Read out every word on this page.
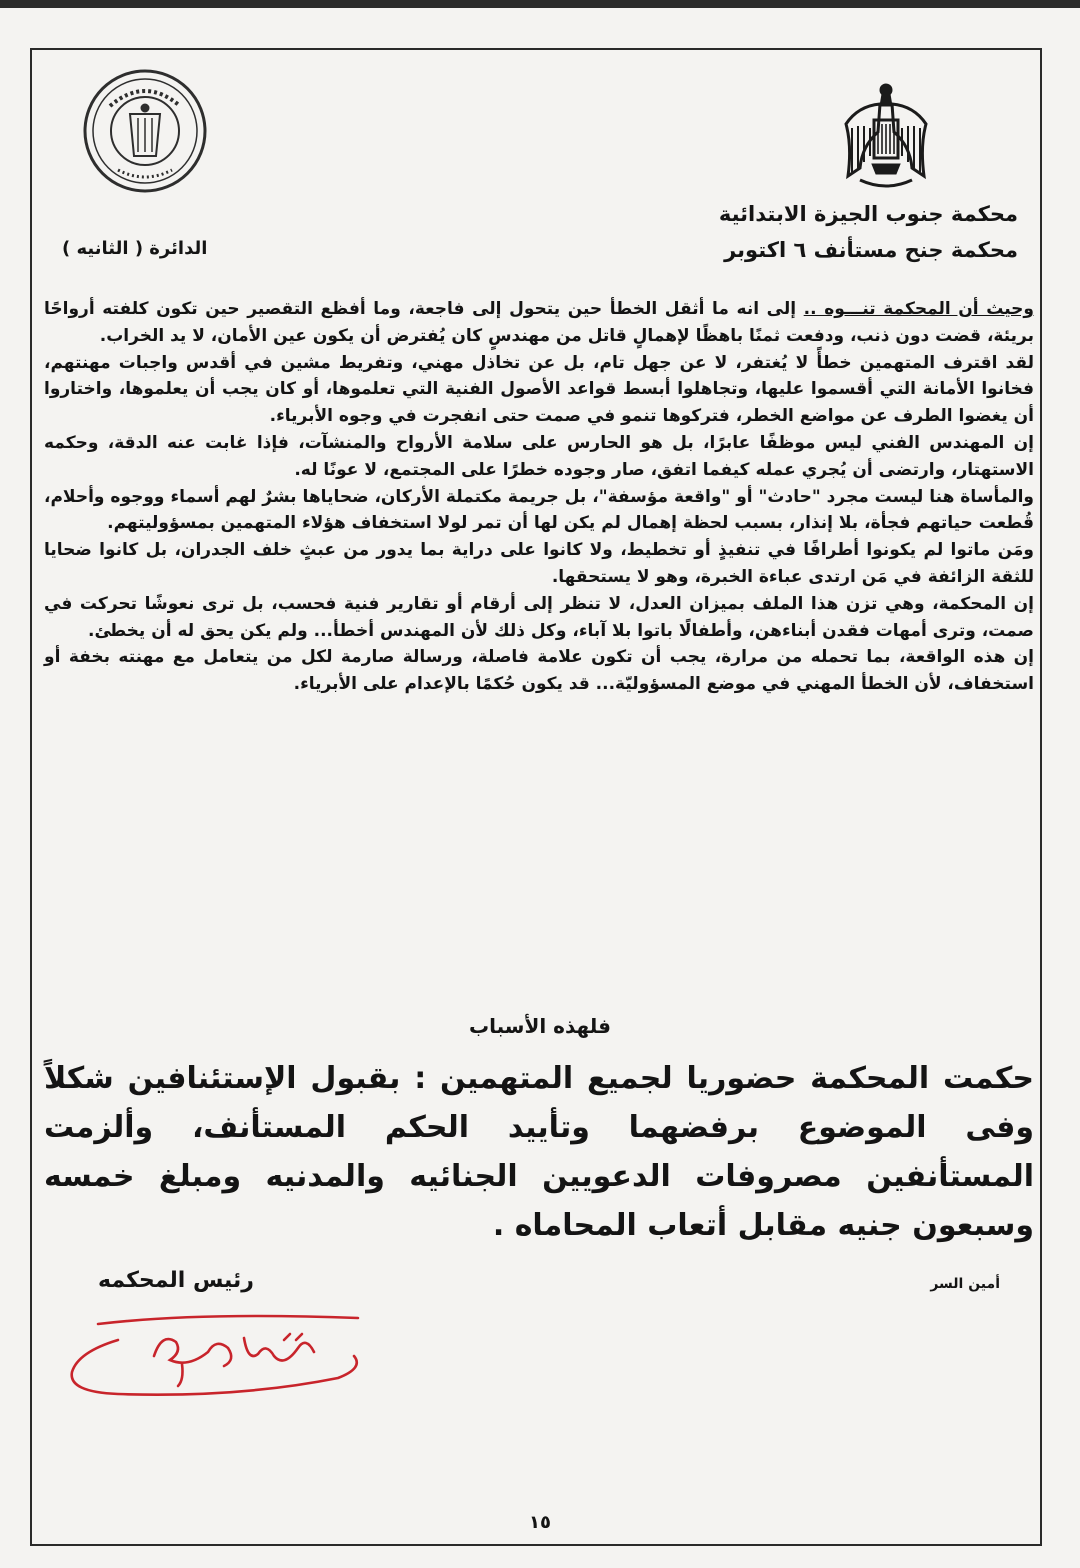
محكمة جنوب الجيزة الابتدائية
محكمة جنح مستأنف ٦ اكتوبر
الدائرة ( الثانيه )

وحيث أن المحكمة تنـــوه .. إلى انه ما أثقل الخطأ حين يتحول إلى فاجعة، وما أفظع التقصير حين تكون كلفته أرواحًا بريئة، قضت دون ذنب، ودفعت ثمنًا باهظًا لإهمالٍ قاتل من مهندسٍ كان يُفترض أن يكون عين الأمان، لا يد الخراب.

لقد اقترف المتهمين خطأً لا يُغتفر، لا عن جهل تام، بل عن تخاذل مهني، وتفريط مشين في أقدس واجبات مهنتهم، فخانوا الأمانة التي أقسموا عليها، وتجاهلوا أبسط قواعد الأصول الفنية التي تعلموها، أو كان يجب أن يعلموها، واختاروا أن يغضوا الطرف عن مواضع الخطر، فتركوها تنمو في صمت حتى انفجرت في وجوه الأبرياء.

إن المهندس الفني ليس موظفًا عابرًا، بل هو الحارس على سلامة الأرواح والمنشآت، فإذا غابت عنه الدقة، وحكمه الاستهتار، وارتضى أن يُجري عمله كيفما اتفق، صار وجوده خطرًا على المجتمع، لا عونًا له.

والمأساة هنا ليست مجرد "حادث" أو "واقعة مؤسفة"، بل جريمة مكتملة الأركان، ضحاياها بشرٌ لهم أسماء ووجوه وأحلام، قُطعت حياتهم فجأة، بلا إنذار، بسبب لحظة إهمال لم يكن لها أن تمر لولا استخفاف هؤلاء المتهمين بمسؤوليتهم.

ومَن ماتوا لم يكونوا أطرافًا في تنفيذٍ أو تخطيط، ولا كانوا على دراية بما يدور من عبثٍ خلف الجدران، بل كانوا ضحايا للثقة الزائفة في مَن ارتدى عباءة الخبرة، وهو لا يستحقها.

إن المحكمة، وهي تزن هذا الملف بميزان العدل، لا تنظر إلى أرقام أو تقارير فنية فحسب، بل ترى نعوشًا تحركت في صمت، وترى أمهات فقدن أبناءهن، وأطفالًا باتوا بلا آباء، وكل ذلك لأن المهندس أخطأ... ولم يكن يحق له أن يخطئ.

إن هذه الواقعة، بما تحمله من مرارة، يجب أن تكون علامة فاصلة، ورسالة صارمة لكل من يتعامل مع مهنته بخفة أو استخفاف، لأن الخطأ المهني في موضع المسؤوليّة... قد يكون حُكمًا بالإعدام على الأبرياء.

فلهذه الأسباب
حكمت المحكمة حضوريا لجميع المتهمين : بقبول الإستئنافين شكلاً وفى الموضوع برفضهما وتأييد الحكم المستأنف، وألزمت المستأنفين مصروفات الدعويين الجنائيه والمدنيه ومبلغ خمسه وسبعون جنيه مقابل أتعاب المحاماه .
أمين السر
رئيس المحكمه
١٥
